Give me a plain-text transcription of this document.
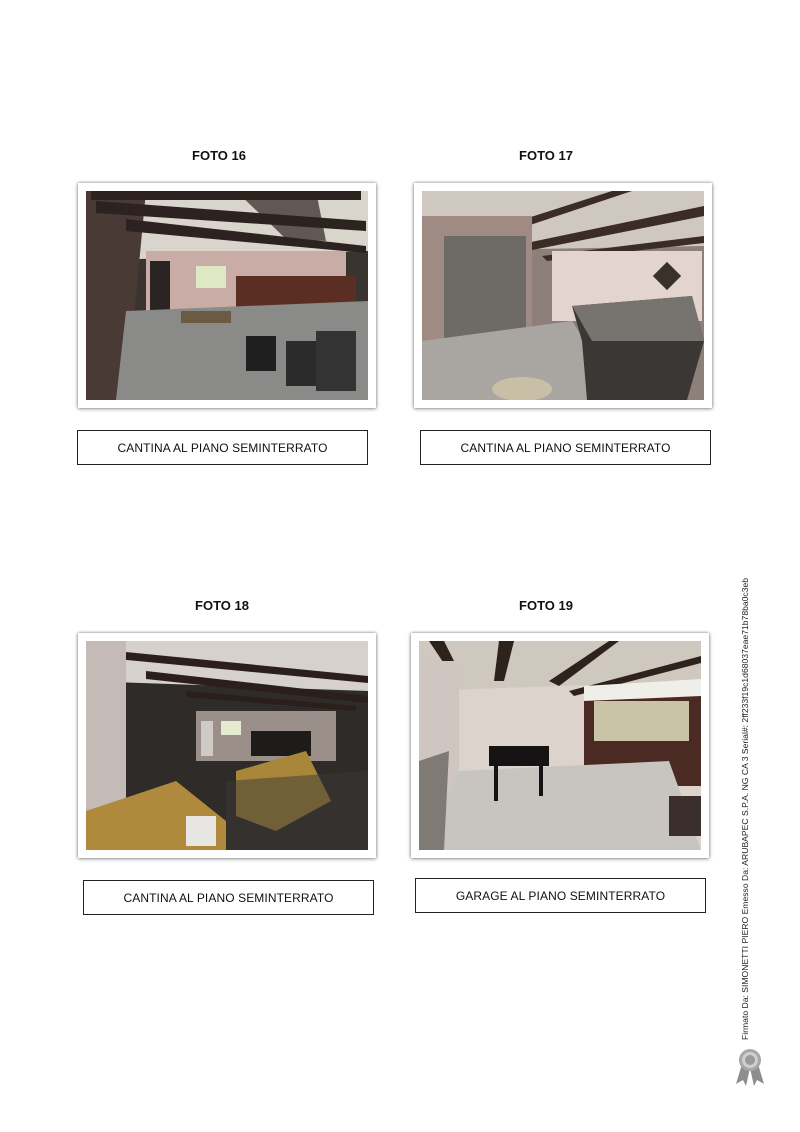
FOTO 16
CANTINA AL PIANO SEMINTERRATO
FOTO 17
CANTINA AL PIANO SEMINTERRATO
FOTO 18
CANTINA AL PIANO SEMINTERRATO
FOTO 19
GARAGE AL PIANO SEMINTERRATO	Firmato Da: SIMONETTI PIERO Emesso Da: ARUBAPEC S.P.A. NG CA 3 Serial#: 2ff233f19c1d68037eae71b78ba0c3eb
